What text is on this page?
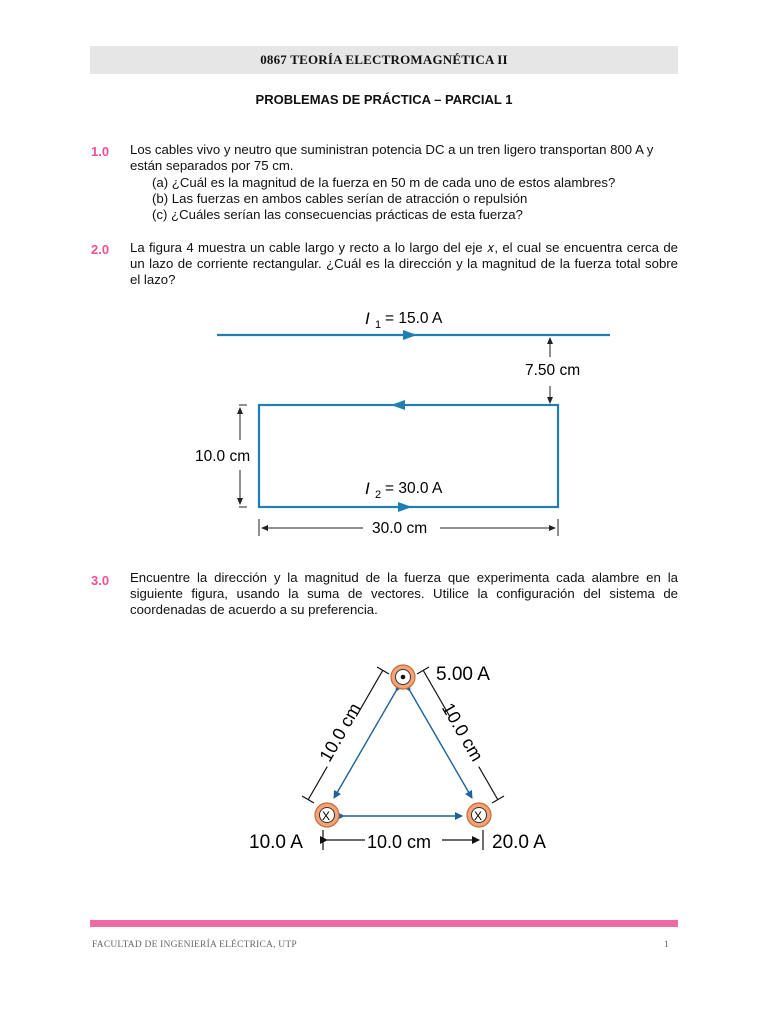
0867 TEORÍA ELECTROMAGNÉTICA II
PROBLEMAS DE PRÁCTICA – PARCIAL 1
1.0 Los cables vivo y neutro que suministran potencia DC a un tren ligero transportan 800 A y
están separados por 75 cm.
(a) ¿Cuál es la magnitud de la fuerza en 50 m de cada uno de estos alambres?
(b) Las fuerzas en ambos cables serían de atracción o repulsión
(c) ¿Cuáles serían las consecuencias prácticas de esta fuerza?
2.0 La figura 4 muestra un cable largo y recto a lo largo del eje 𝑥, el cual se encuentra cerca de un lazo de corriente rectangular. ¿Cuál es la dirección y la magnitud de la fuerza total sobre el lazo?
I 1 = 15.0 A
7.50 cm
10.0 cm
I 2 = 30.0 A
30.0 cm
3.0 Encuentre la dirección y la magnitud de la fuerza que experimenta cada alambre en la siguiente figura, usando la suma de vectores. Utilice la configuración del sistema de coordenadas de acuerdo a su preferencia.
10.0 cm	10.0 cm
10.0 cm
X	X
5.00 A
10.0 A	20.0 A
FACULTAD DE INGENIERÍA ELÉCTRICA, UTP	1
